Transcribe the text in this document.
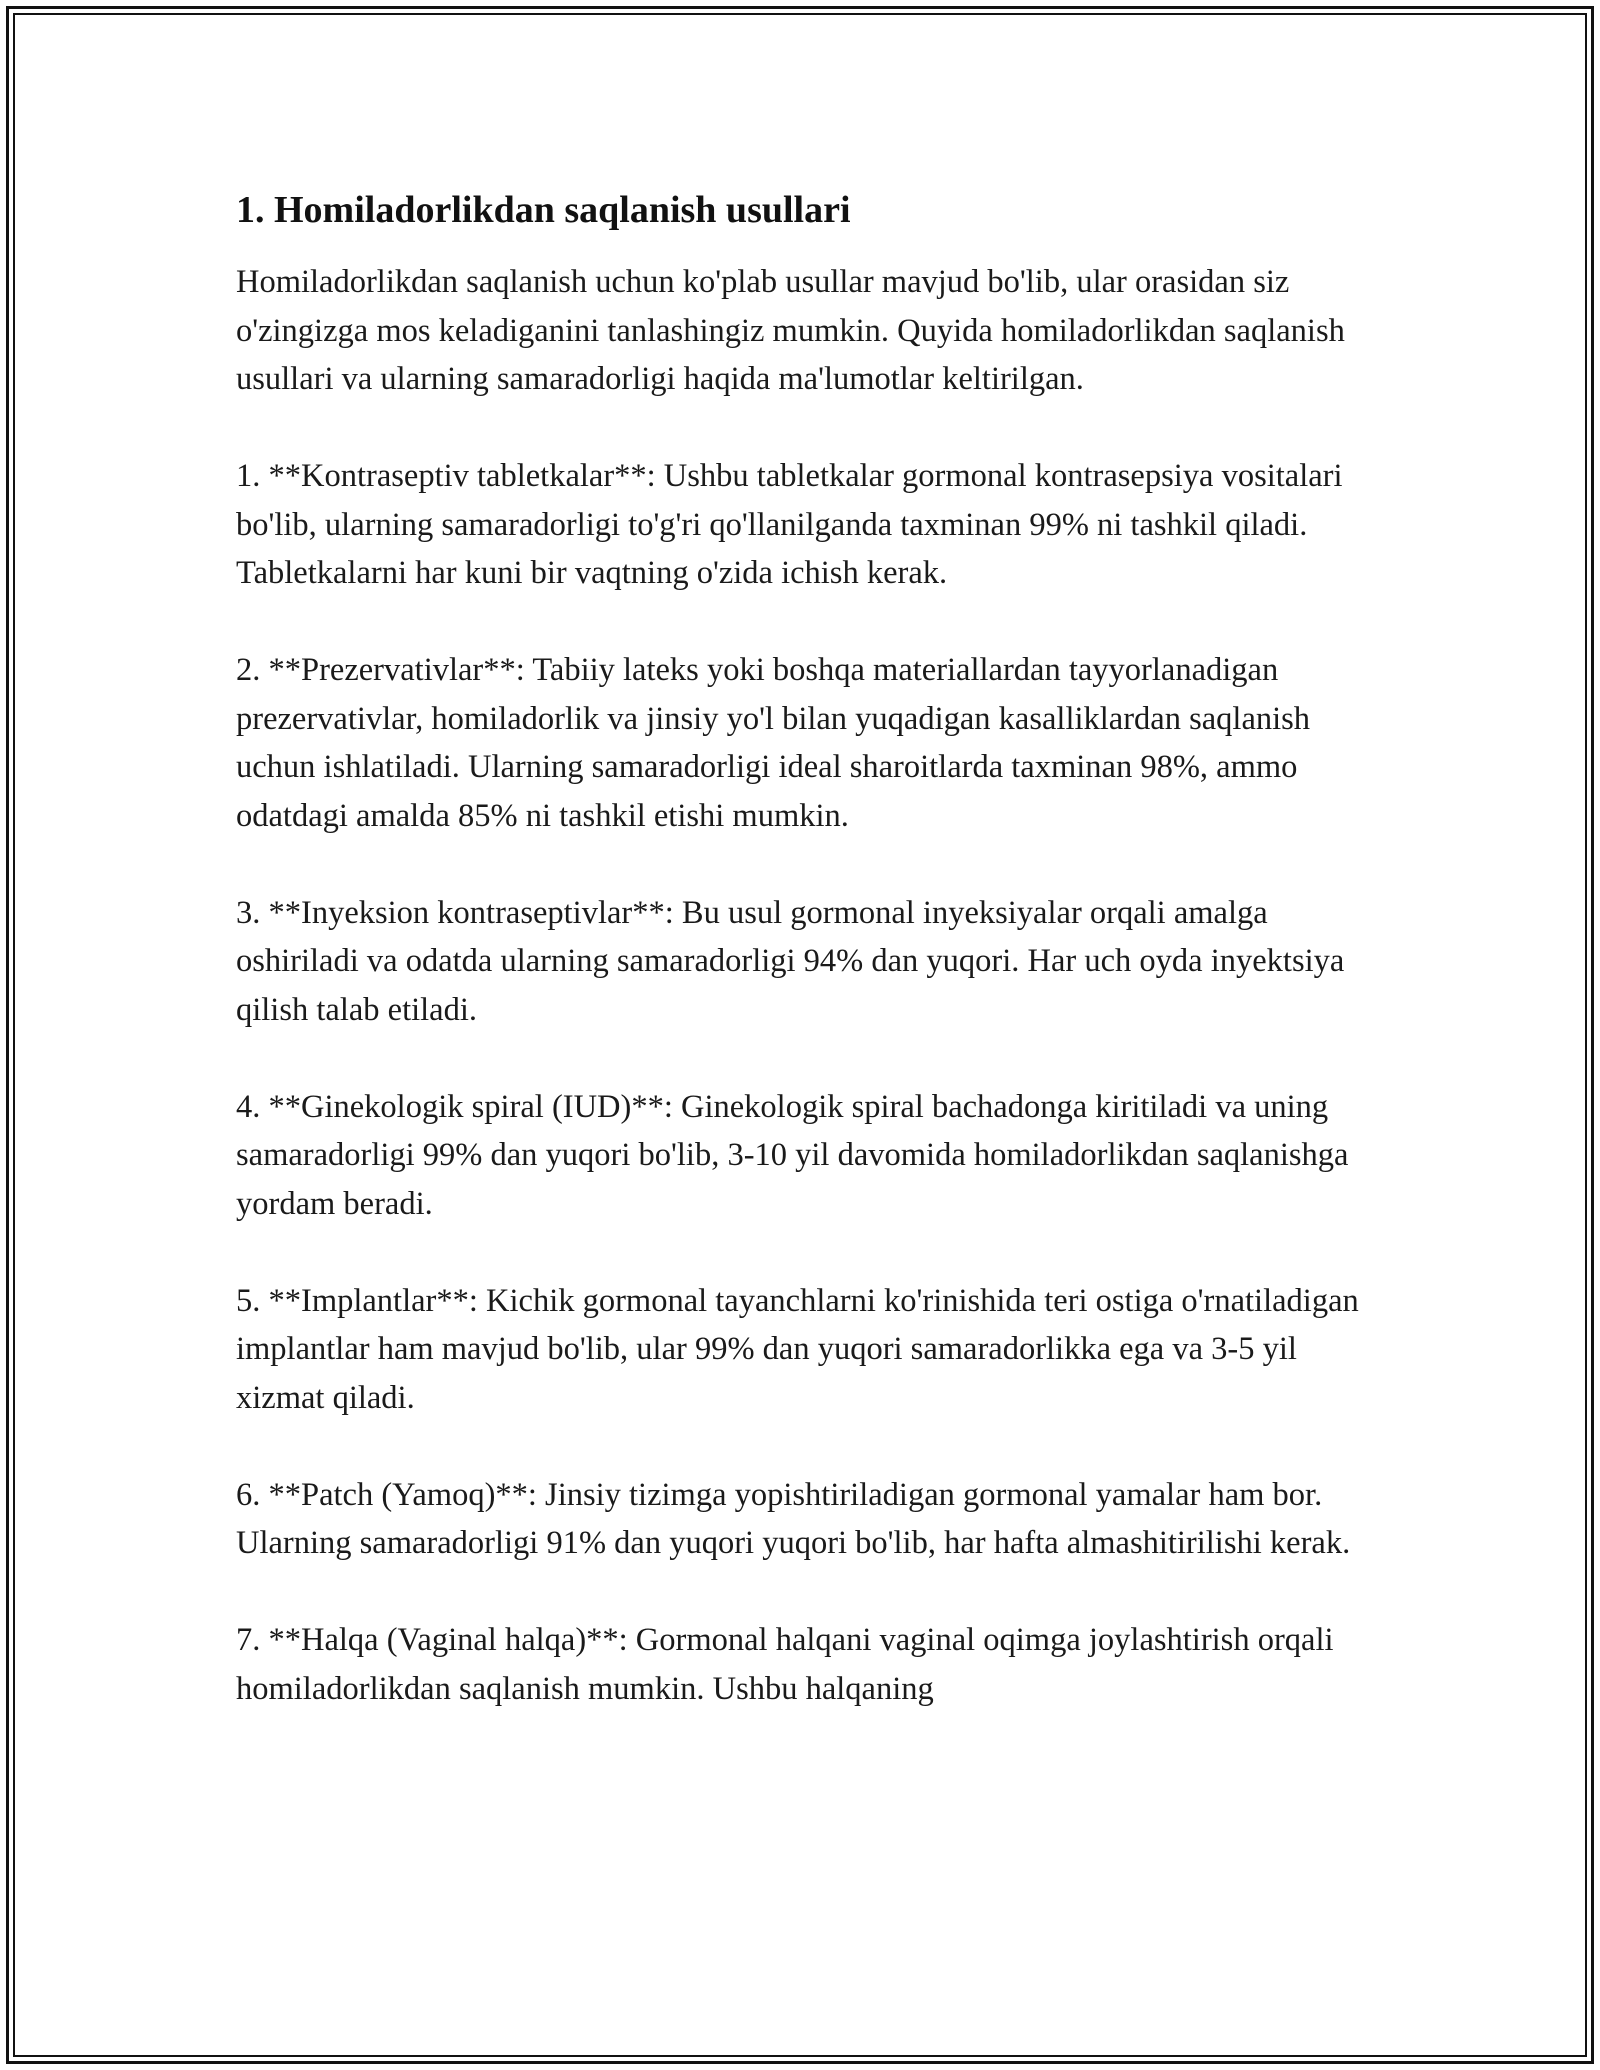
1. Homiladorlikdan saqlanish usullari

Homiladorlikdan saqlanish uchun ko'plab usullar mavjud bo'lib, ular orasidan siz o'zingizga mos keladiganini tanlashingiz mumkin. Quyida homiladorlikdan saqlanish usullari va ularning samaradorligi haqida ma'lumotlar keltirilgan.

1. **Kontraseptiv tabletkalar**: Ushbu tabletkalar gormonal kontrasepsiya vositalari bo'lib, ularning samaradorligi to'g'ri qo'llanilganda taxminan 99% ni tashkil qiladi. Tabletkalarni har kuni bir vaqtning o'zida ichish kerak.

2. **Prezervativlar**: Tabiiy lateks yoki boshqa materiallardan tayyorlanadigan prezervativlar, homiladorlik va jinsiy yo'l bilan yuqadigan kasalliklardan saqlanish uchun ishlatiladi. Ularning samaradorligi ideal sharoitlarda taxminan 98%, ammo odatdagi amalda 85% ni tashkil etishi mumkin.

3. **Inyeksion kontraseptivlar**: Bu usul gormonal inyeksiyalar orqali amalga oshiriladi va odatda ularning samaradorligi 94% dan yuqori. Har uch oyda inyektsiya qilish talab etiladi.

4. **Ginekologik spiral (IUD)**: Ginekologik spiral bachadonga kiritiladi va uning samaradorligi 99% dan yuqori bo'lib, 3-10 yil davomida homiladorlikdan saqlanishga yordam beradi.

5. **Implantlar**: Kichik gormonal tayanchlarni ko'rinishida teri ostiga o'rnatiladigan implantlar ham mavjud bo'lib, ular 99% dan yuqori samaradorlikka ega va 3-5 yil xizmat qiladi.

6. **Patch (Yamoq)**: Jinsiy tizimga yopishtiriladigan gormonal yamalar ham bor. Ularning samaradorligi 91% dan yuqori yuqori bo'lib, har hafta almashitirilishi kerak.

7. **Halqa (Vaginal halqa)**: Gormonal halqani vaginal oqimga joylashtirish orqali homiladorlikdan saqlanish mumkin. Ushbu halqaning
